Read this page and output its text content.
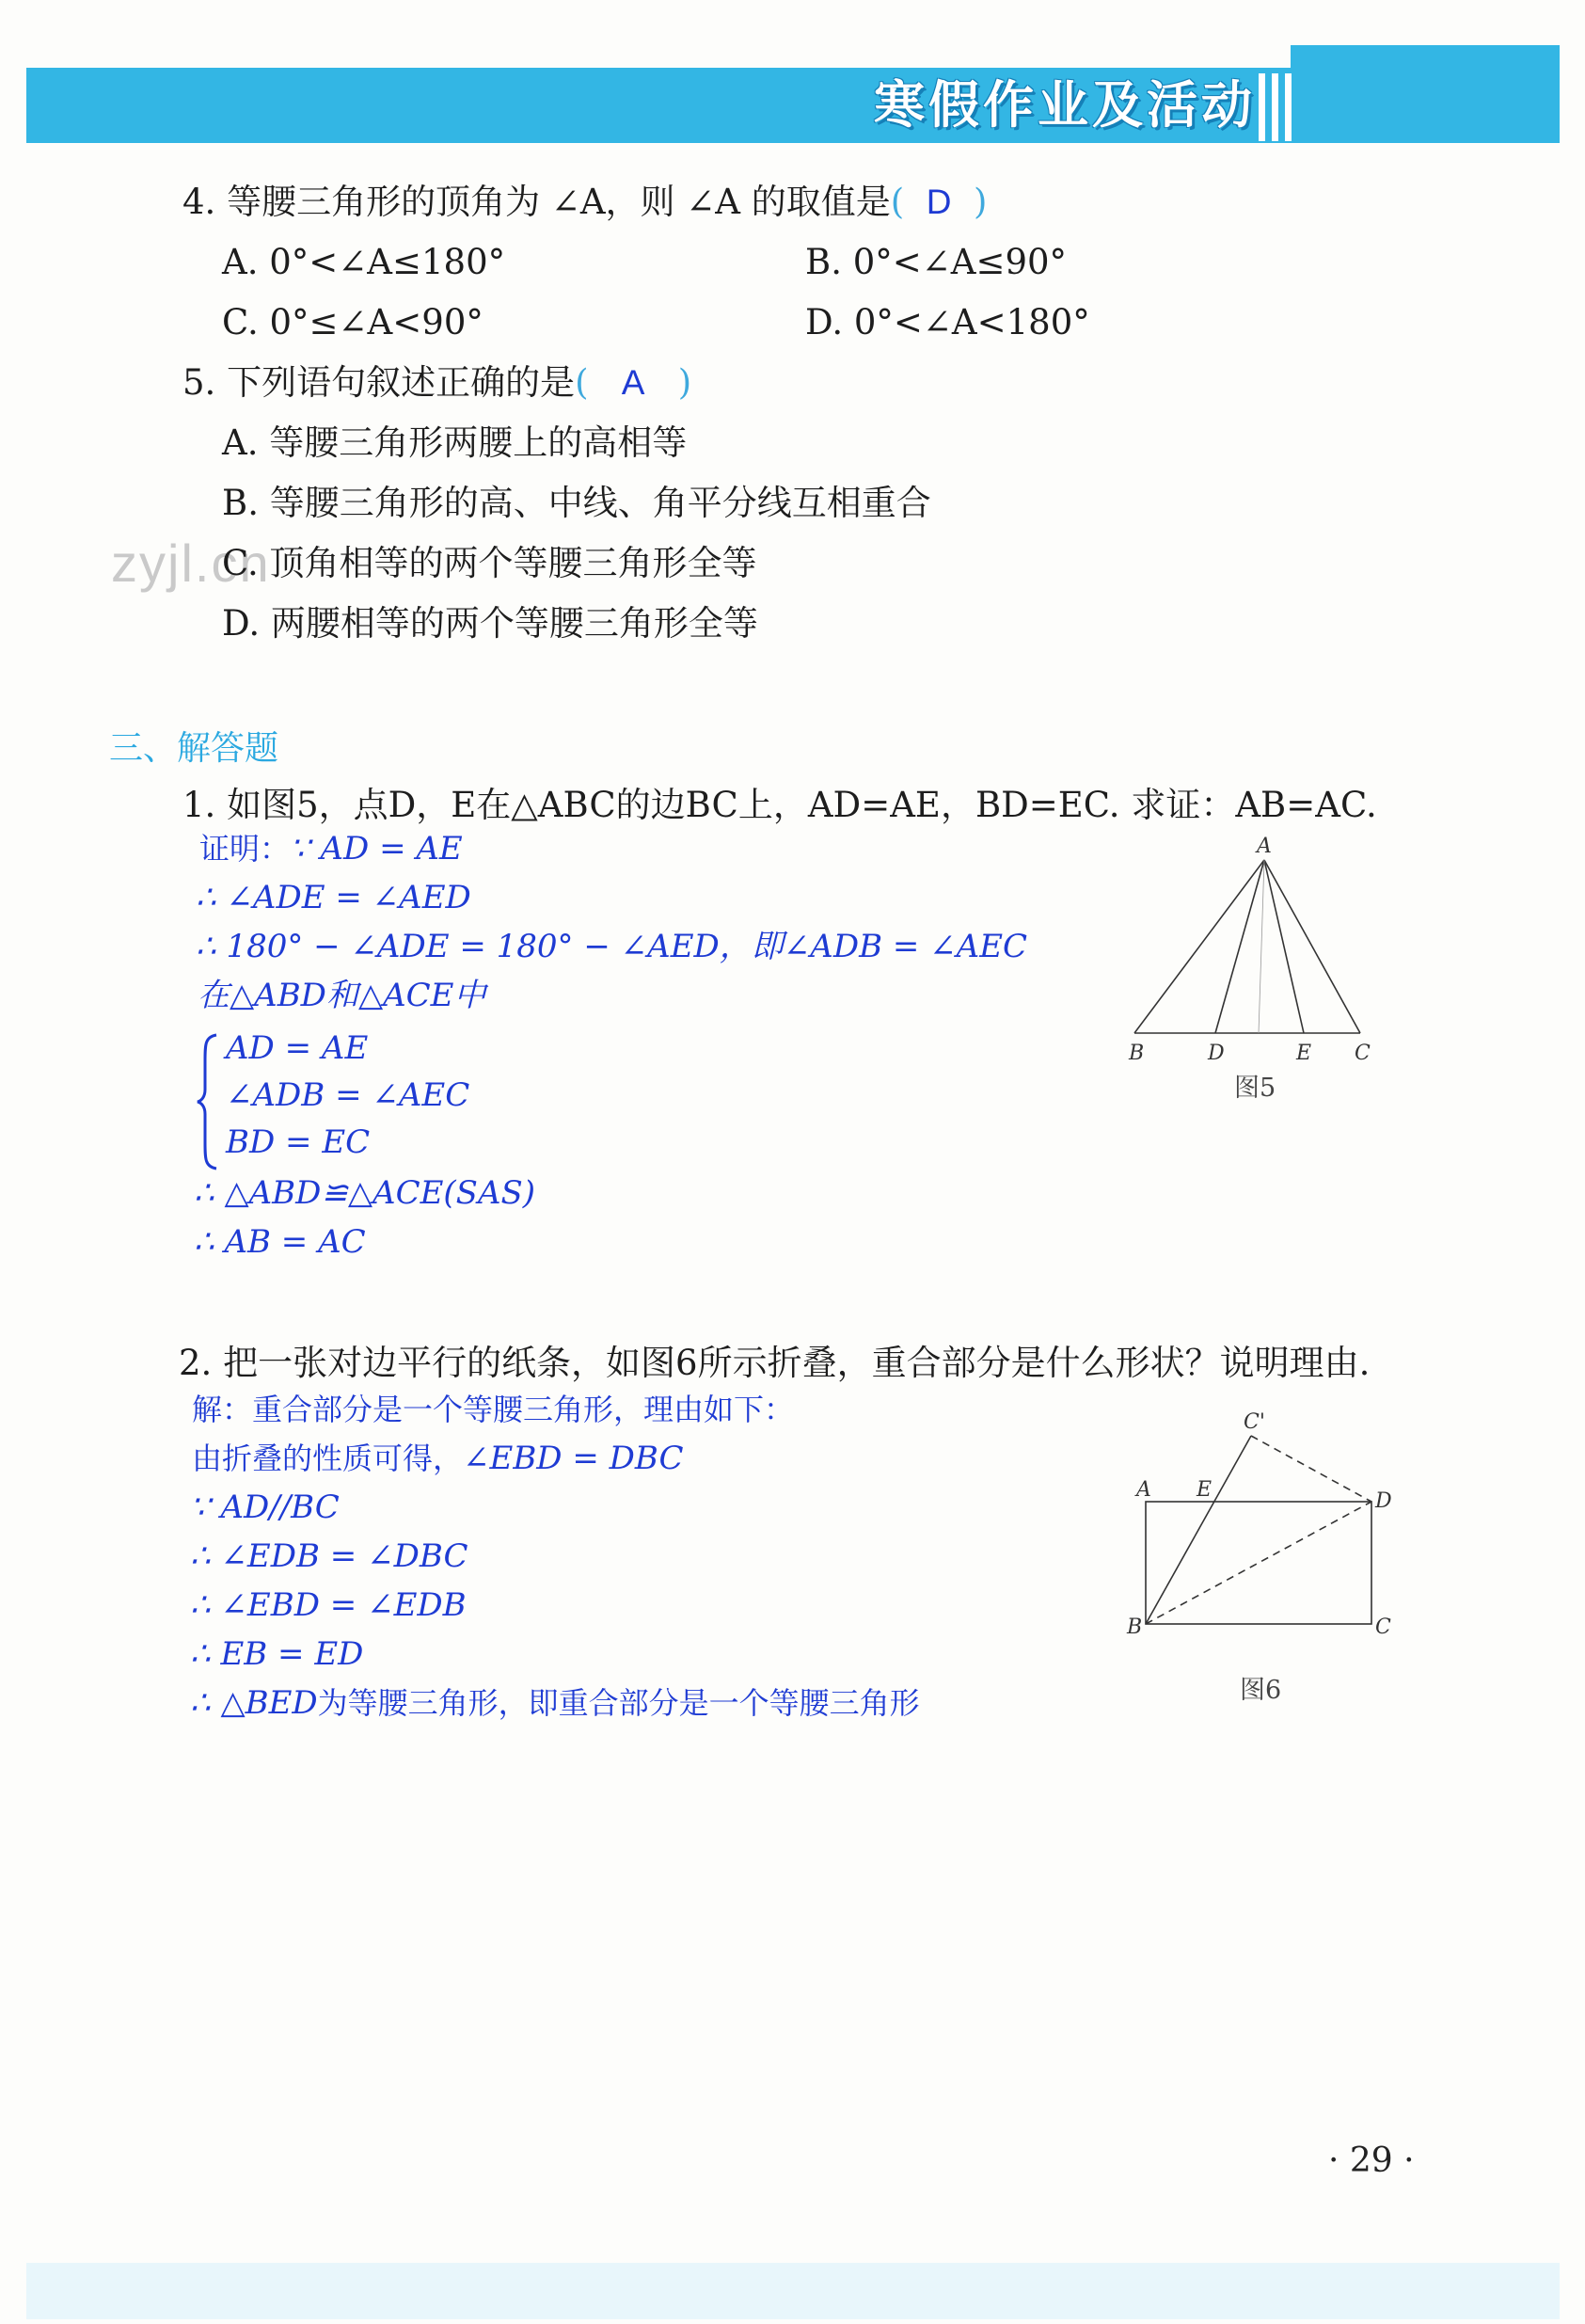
寒假作业及活动
zyjl.cn
4. 等腰三角形的顶角为 ∠A，则 ∠A 的取值是(  D  )
A. 0°<∠A≤180°	B. 0°<∠A≤90°
C. 0°≤∠A<90°	D. 0°<∠A<180°
5. 下列语句叙述正确的是(   A   )
A. 等腰三角形两腰上的高相等
B. 等腰三角形的高、中线、角平分线互相重合
C. 顶角相等的两个等腰三角形全等
D. 两腰相等的两个等腰三角形全等
三、解答题
1. 如图5，点D，E在△ABC的边BC上，AD=AE，BD=EC. 求证：AB=AC.
证明：∵ AD = AE
∴ ∠ADE = ∠AED
∴ 180° − ∠ADE = 180° − ∠AED，即∠ADB = ∠AEC
在△ABD和△ACE中
AD = AE
∠ADB = ∠AEC
BD = EC
∴ △ABD≌△ACE(SAS)
∴ AB = AC
A
B	D	E C
图5
2. 把一张对边平行的纸条，如图6所示折叠，重合部分是什么形状？说明理由.
解：重合部分是一个等腰三角形，理由如下：
由折叠的性质可得，∠EBD = DBC
∵ AD//BC
∴ ∠EDB = ∠DBC
∴ ∠EBD = ∠EDB
∴ EB = ED
∴ △BED为等腰三角形，即重合部分是一个等腰三角形
C'
A E	D
B	C
图6
· 29 ·
